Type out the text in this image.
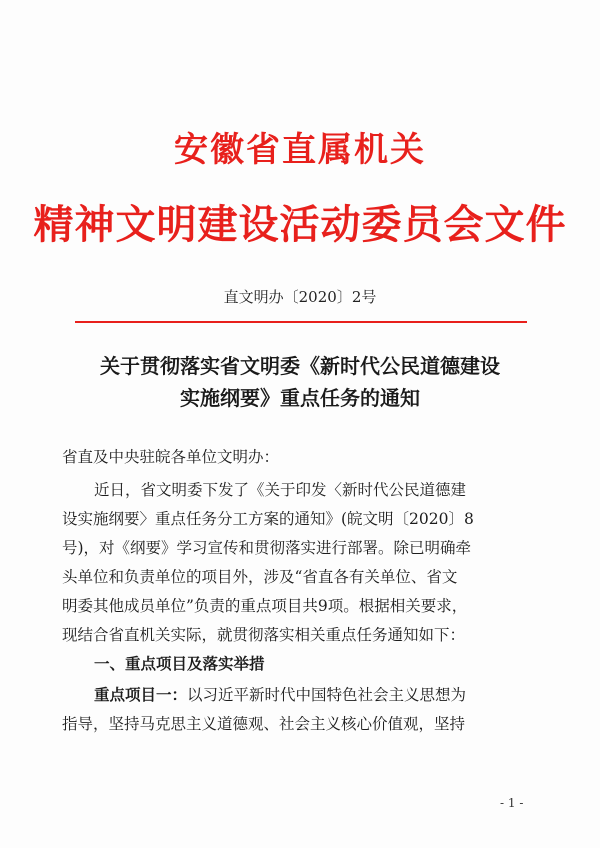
安徽省直属机关
精神文明建设活动委员会文件
直文明办〔2020〕2号
关于贯彻落实省文明委《新时代公民道德建设
实施纲要》重点任务的通知
省直及中央驻皖各单位文明办：
近日，省文明委下发了《关于印发〈新时代公民道德建
设实施纲要〉重点任务分工方案的通知》(皖文明〔2020〕8
号)，对《纲要》学习宣传和贯彻落实进行部署。除已明确牵
头单位和负责单位的项目外，涉及“省直各有关单位、省文
明委其他成员单位”负责的重点项目共9项。根据相关要求，
现结合省直机关实际，就贯彻落实相关重点任务通知如下：
一、重点项目及落实举措
重点项目一：以习近平新时代中国特色社会主义思想为
指导，坚持马克思主义道德观、社会主义核心价值观，坚持
- 1 -
